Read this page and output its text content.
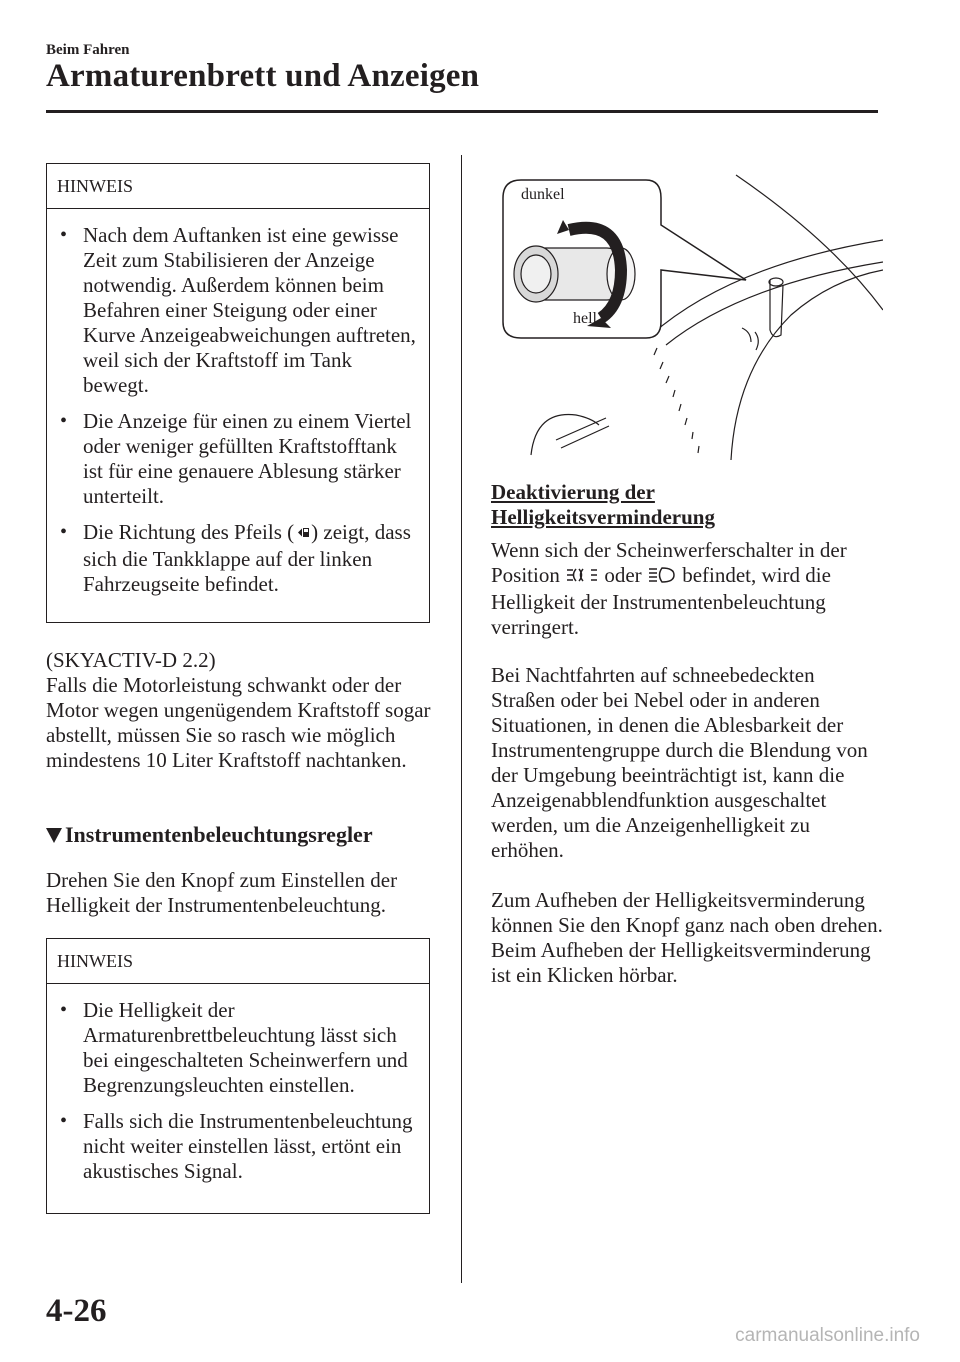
Beim Fahren
Armaturenbrett und Anzeigen
HINWEIS
• Nach dem Auftanken ist eine gewisse Zeit zum Stabilisieren der Anzeige notwendig. Außerdem können beim Befahren einer Steigung oder einer Kurve Anzeigeabweichungen auftreten, weil sich der Kraftstoff im Tank bewegt.
• Die Anzeige für einen zu einem Viertel oder weniger gefüllten Kraftstofftank ist für eine genauere Ablesung stärker unterteilt.
• Die Richtung des Pfeils ( ) zeigt, dass sich die Tankklappe auf der linken Fahrzeugseite befindet.
(SKYACTIV-D 2.2)
Falls die Motorleistung schwankt oder der Motor wegen ungenügendem Kraftstoff sogar abstellt, müssen Sie so rasch wie möglich mindestens 10 Liter Kraftstoff nachtanken.
Instrumentenbeleuchtungsregler
Drehen Sie den Knopf zum Einstellen der Helligkeit der Instrumentenbeleuchtung.
HINWEIS
• Die Helligkeit der Armaturenbrettbeleuchtung lässt sich bei eingeschalteten Scheinwerfern und Begrenzungsleuchten einstellen.
• Falls sich die Instrumentenbeleuchtung nicht weiter einstellen lässt, ertönt ein akustisches Signal.
dunkel
hell
Deaktivierung der
Helligkeitsverminderung
Wenn sich der Scheinwerferschalter in der Position oder befindet, wird die Helligkeit der Instrumentenbeleuchtung verringert.
Bei Nachtfahrten auf schneebedeckten Straßen oder bei Nebel oder in anderen Situationen, in denen die Ablesbarkeit der Instrumentengruppe durch die Blendung von der Umgebung beeinträchtigt ist, kann die Anzeigenabblendfunktion ausgeschaltet werden, um die Anzeigenhelligkeit zu erhöhen.
Zum Aufheben der Helligkeitsverminderung können Sie den Knopf ganz nach oben drehen. Beim Aufheben der Helligkeitsverminderung ist ein Klicken hörbar.
4-26
carmanualsonline.info
